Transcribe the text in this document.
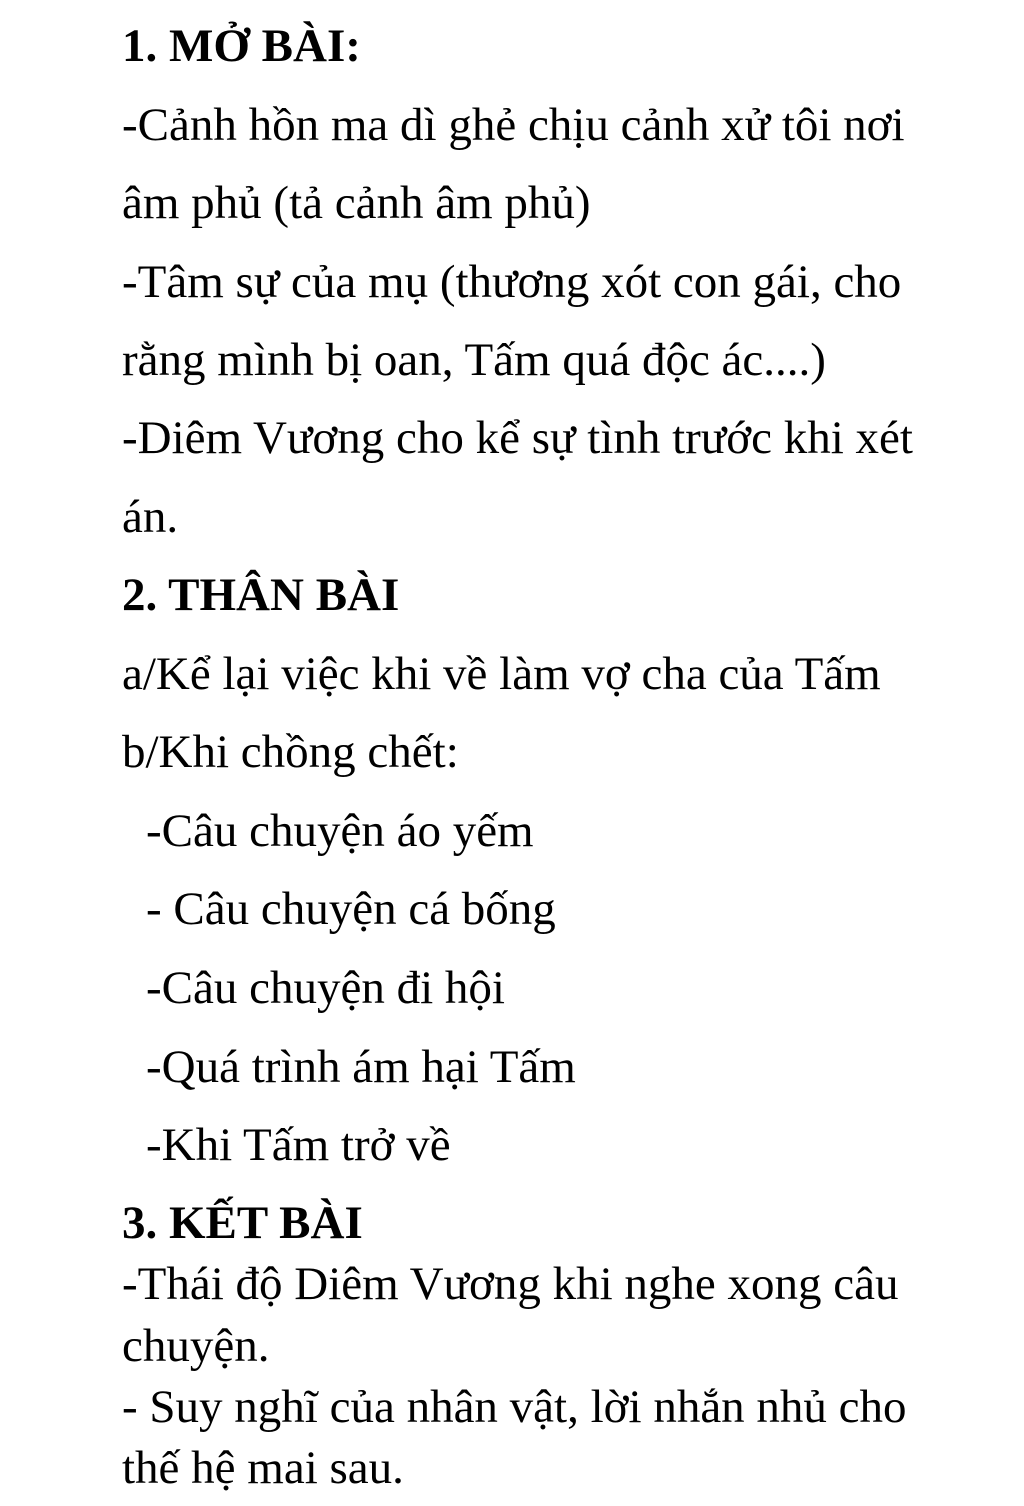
1. MỞ BÀI:
-Cảnh hồn ma dì ghẻ chịu cảnh xử tôi nơi
âm phủ (tả cảnh âm phủ)
-Tâm sự của mụ (thương xót con gái, cho
rằng mình bị oan, Tấm quá độc ác....)
-Diêm Vương cho kể sự tình trước khi xét
án.
2. THÂN BÀI
a/Kể lại việc khi về làm vợ cha của Tấm
b/Khi chồng chết:
-Câu chuyện áo yếm
- Câu chuyện cá bống
-Câu chuyện đi hội
-Quá trình ám hại Tấm
-Khi Tấm trở về
3. KẾT BÀI
-Thái độ Diêm Vương khi nghe xong câu
chuyện.
- Suy nghĩ của nhân vật, lời nhắn nhủ cho
thế hệ mai sau.
